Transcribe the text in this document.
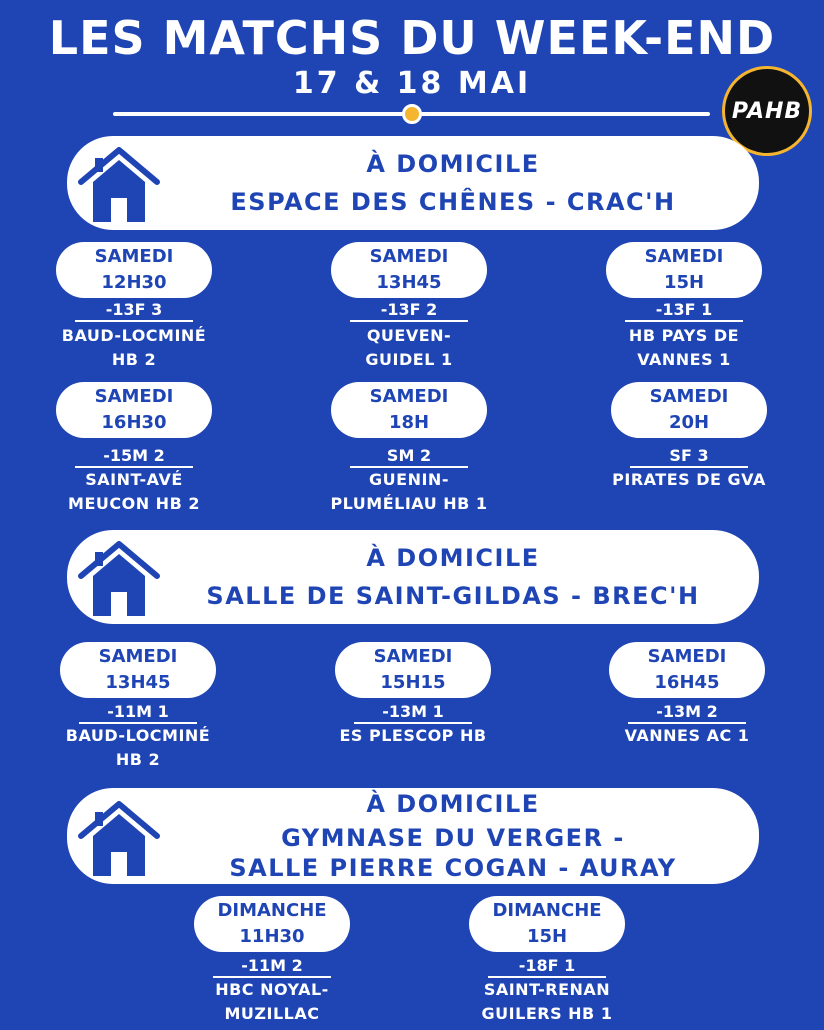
LES MATCHS DU WEEK-END
17 & 18 MAI
PAHB
À DOMICILE
ESPACE DES CHÊNES - CRAC'H
SAMEDI
12H30
-13F 3
BAUD-LOCMINÉ
HB 2
SAMEDI
13H45
-13F 2
QUEVEN-
GUIDEL 1
SAMEDI
15H
-13F 1
HB PAYS DE
VANNES 1
SAMEDI
16H30
-15M 2
SAINT-AVÉ
MEUCON HB 2
SAMEDI
18H
SM 2
GUENIN-
PLUMÉLIAU HB 1
SAMEDI
20H
SF 3
PIRATES DE GVA
À DOMICILE
SALLE DE SAINT-GILDAS - BREC'H
SAMEDI
13H45
-11M 1
BAUD-LOCMINÉ
HB 2
SAMEDI
15H15
-13M 1
ES PLESCOP HB
SAMEDI
16H45
-13M 2
VANNES AC 1
À DOMICILE
GYMNASE DU VERGER -
SALLE PIERRE COGAN - AURAY
DIMANCHE
11H30
-11M 2
HBC NOYAL-
MUZILLAC
DIMANCHE
15H
-18F 1
SAINT-RENAN
GUILERS HB 1
